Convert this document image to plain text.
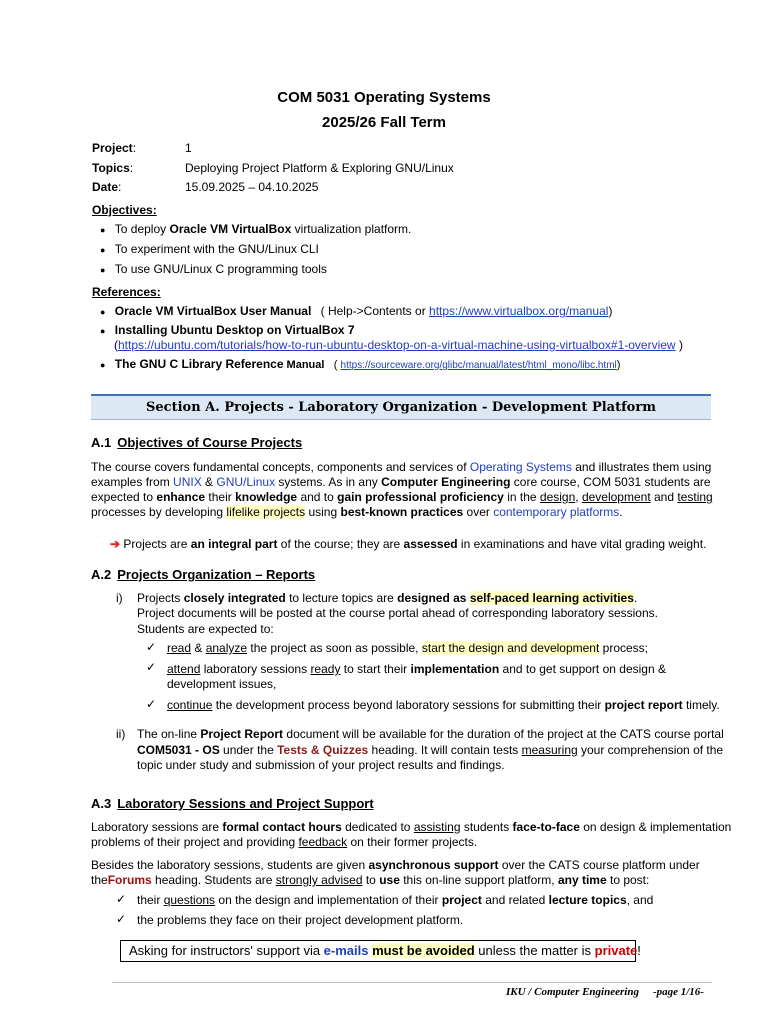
COM 5031 Operating Systems
2025/26 Fall Term
Project:	1
Topics:	Deploying Project Platform & Exploring GNU/Linux
Date:	15.09.2025 – 04.10.2025
Objectives:
● To deploy Oracle VM VirtualBox virtualization platform.
● To experiment with the GNU/Linux CLI
● To use GNU/Linux C programming tools
References:
● Oracle VM VirtualBox User Manual ( Help->Contents or https://www.virtualbox.org/manual)
● Installing Ubuntu Desktop on VirtualBox 7
(https://ubuntu.com/tutorials/how-to-run-ubuntu-desktop-on-a-virtual-machine-using-virtualbox#1-overview )
● The GNU C Library Reference Manual ( https://sourceware.org/glibc/manual/latest/html_mono/libc.html)
Section A. Projects - Laboratory Organization - Development Platform
A.1 Objectives of Course Projects
The course covers fundamental concepts, components and services of Operating Systems and illustrates them using
examples from UNIX & GNU/Linux systems. As in any Computer Engineering core course, COM 5031 students are
expected to enhance their knowledge and to gain professional proficiency in the design, development and testing
processes by developing lifelike projects using best-known practices over contemporary platforms.
➔ Projects are an integral part of the course; they are assessed in examinations and have vital grading weight.
A.2 Projects Organization – Reports
i) Projects closely integrated to lecture topics are designed as self-paced learning activities.
Project documents will be posted at the course portal ahead of corresponding laboratory sessions.
Students are expected to:
✓ read & analyze the project as soon as possible, start the design and development process;
✓ attend laboratory sessions ready to start their implementation and to get support on design &
development issues,
✓ continue the development process beyond laboratory sessions for submitting their project report timely.
ii) The on-line Project Report document will be available for the duration of the project at the CATS course portal
COM5031 - OS under the Tests & Quizzes heading. It will contain tests measuring your comprehension of the
topic under study and submission of your project results and findings.
A.3 Laboratory Sessions and Project Support
Laboratory sessions are formal contact hours dedicated to assisting students face-to-face on design & implementation
problems of their project and providing feedback on their former projects.
Besides the laboratory sessions, students are given asynchronous support over the CATS course platform under
theForums heading. Students are strongly advised to use this on-line support platform, any time to post:
✓ their questions on the design and implementation of their project and related lecture topics, and
✓ the problems they face on their project development platform.
Asking for instructors' support via e-mails must be avoided unless the matter is private!
IKU / Computer Engineering -page 1/16-
